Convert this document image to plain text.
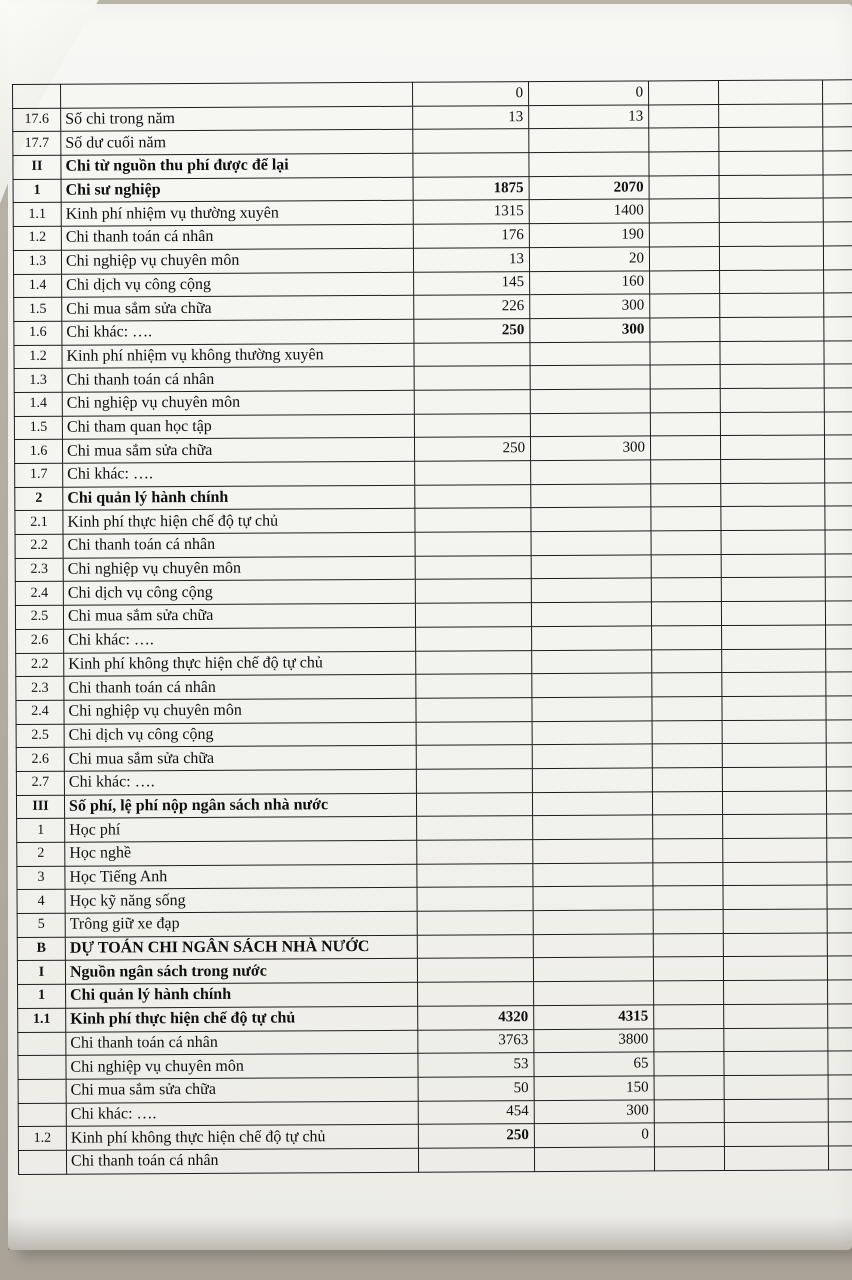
		0	0			
17.6	Số chi trong năm	13	13			
17.7	Số dư cuối năm					
II	Chi từ nguồn thu phí được để lại					
1	Chi sư nghiệp	1875	2070			
1.1	Kinh phí nhiệm vụ thường xuyên	1315	1400			
1.2	Chi thanh toán cá nhân	176	190			
1.3	Chi nghiệp vụ chuyên môn	13	20			
1.4	Chi dịch vụ công cộng	145	160			
1.5	Chi mua sắm sửa chữa	226	300			
1.6	Chi khác: ….	250	300			
1.2	Kinh phí nhiệm vụ không thường xuyên					
1.3	Chi thanh toán cá nhân					
1.4	Chi nghiệp vụ chuyên môn					
1.5	Chi tham quan học tập					
1.6	Chi mua sắm sửa chữa	250	300			
1.7	Chi khác: ….					
2	Chi quản lý hành chính					
2.1	Kinh phí thực hiện chế độ tự chủ					
2.2	Chi thanh toán cá nhân					
2.3	Chi nghiệp vụ chuyên môn					
2.4	Chi dịch vụ công cộng					
2.5	Chi mua sắm sửa chữa					
2.6	Chi khác: ….					
2.2	Kinh phí không thực hiện chế độ tự chủ					
2.3	Chi thanh toán cá nhân					
2.4	Chi nghiệp vụ chuyên môn					
2.5	Chi dịch vụ công cộng					
2.6	Chi mua sắm sửa chữa					
2.7	Chi khác: ….					
III	Số phí, lệ phí nộp ngân sách nhà nước					
1	Học phí					
2	Học nghề					
3	Học Tiếng Anh					
4	Học kỹ năng sống					
5	Trông giữ xe đạp					
B	DỰ TOÁN CHI NGÂN SÁCH NHÀ NƯỚC					
I	Nguồn ngân sách trong nước					
1	Chi quản lý hành chính					
1.1	Kinh phí thực hiện chế độ tự chủ	4320	4315			
	Chi thanh toán cá nhân	3763	3800			
	Chi nghiệp vụ chuyên môn	53	65			
	Chi mua sắm sửa chữa	50	150			
	Chi khác: ….	454	300			
1.2	Kinh phí không thực hiện chế độ tự chủ	250	0			
	Chi thanh toán cá nhân					
